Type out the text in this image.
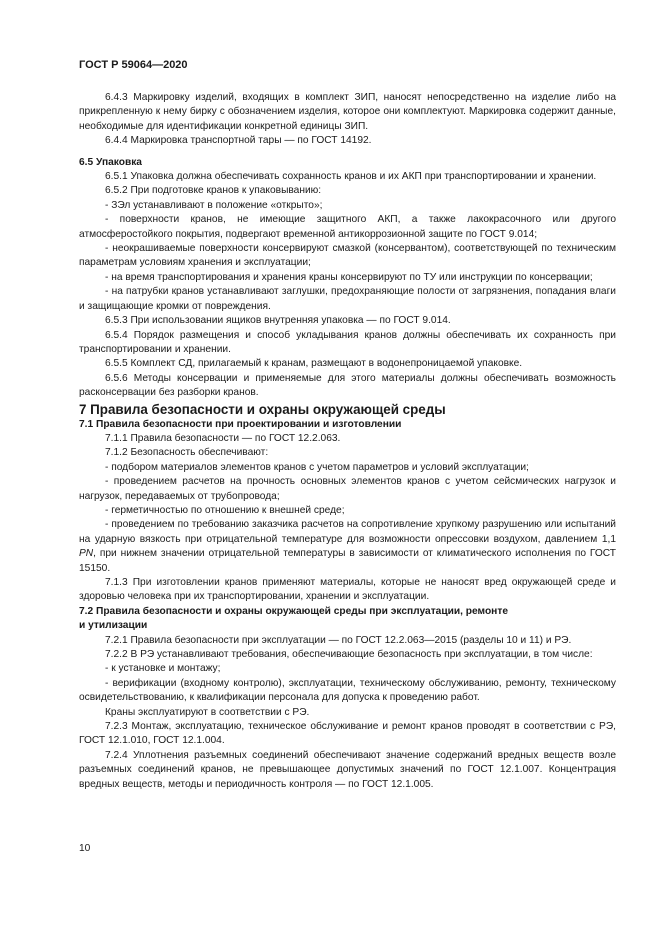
ГОСТ Р 59064—2020

6.4.3 Маркировку изделий, входящих в комплект ЗИП, наносят непосредственно на изделие либо на прикрепленную к нему бирку с обозначением изделия, которое они комплектуют. Маркировка содержит данные, необходимые для идентификации конкретной единицы ЗИП.

6.4.4 Маркировка транспортной тары — по ГОСТ 14192.

6.5 Упаковка

6.5.1 Упаковка должна обеспечивать сохранность кранов и их АКП при транспортировании и хранении.

6.5.2 При подготовке кранов к упаковыванию:

- ЗЭл устанавливают в положение «открыто»;

- поверхности кранов, не имеющие защитного АКП, а также лакокрасочного или другого атмосферостойкого покрытия, подвергают временной антикоррозионной защите по ГОСТ 9.014;

- неокрашиваемые поверхности консервируют смазкой (консервантом), соответствующей по техническим параметрам условиям хранения и эксплуатации;

- на время транспортирования и хранения краны консервируют по ТУ или инструкции по консервации;

- на патрубки кранов устанавливают заглушки, предохраняющие полости от загрязнения, попадания влаги и защищающие кромки от повреждения.

6.5.3 При использовании ящиков внутренняя упаковка — по ГОСТ 9.014.

6.5.4 Порядок размещения и способ укладывания кранов должны обеспечивать их сохранность при транспортировании и хранении.

6.5.5 Комплект СД, прилагаемый к кранам, размещают в водонепроницаемой упаковке.

6.5.6 Методы консервации и применяемые для этого материалы должны обеспечивать возможность расконсервации без разборки кранов.

7 Правила безопасности и охраны окружающей среды

7.1 Правила безопасности при проектировании и изготовлении

7.1.1 Правила безопасности — по ГОСТ 12.2.063.

7.1.2 Безопасность обеспечивают:

- подбором материалов элементов кранов с учетом параметров и условий эксплуатации;

- проведением расчетов на прочность основных элементов кранов с учетом сейсмических нагрузок и нагрузок, передаваемых от трубопровода;

- герметичностью по отношению к внешней среде;

- проведением по требованию заказчика расчетов на сопротивление хрупкому разрушению или испытаний на ударную вязкость при отрицательной температуре для возможности опрессовки воздухом, давлением 1,1 PN, при нижнем значении отрицательной температуры в зависимости от климатического исполнения по ГОСТ 15150.

7.1.3 При изготовлении кранов применяют материалы, которые не наносят вред окружающей среде и здоровью человека при их транспортировании, хранении и эксплуатации.

7.2 Правила безопасности и охраны окружающей среды при эксплуатации, ремонте
и утилизации

7.2.1 Правила безопасности при эксплуатации — по ГОСТ 12.2.063—2015 (разделы 10 и 11) и РЭ.

7.2.2 В РЭ устанавливают требования, обеспечивающие безопасность при эксплуатации, в том числе:

- к установке и монтажу;

- верификации (входному контролю), эксплуатации, техническому обслуживанию, ремонту, техническому освидетельствованию, к квалификации персонала для допуска к проведению работ.

Краны эксплуатируют в соответствии с РЭ.

7.2.3 Монтаж, эксплуатацию, техническое обслуживание и ремонт кранов проводят в соответствии с РЭ, ГОСТ 12.1.010, ГОСТ 12.1.004.

7.2.4 Уплотнения разъемных соединений обеспечивают значение содержаний вредных веществ возле разъемных соединений кранов, не превышающее допустимых значений по ГОСТ 12.1.007. Концентрация вредных веществ, методы и периодичность контроля — по ГОСТ 12.1.005.

10
